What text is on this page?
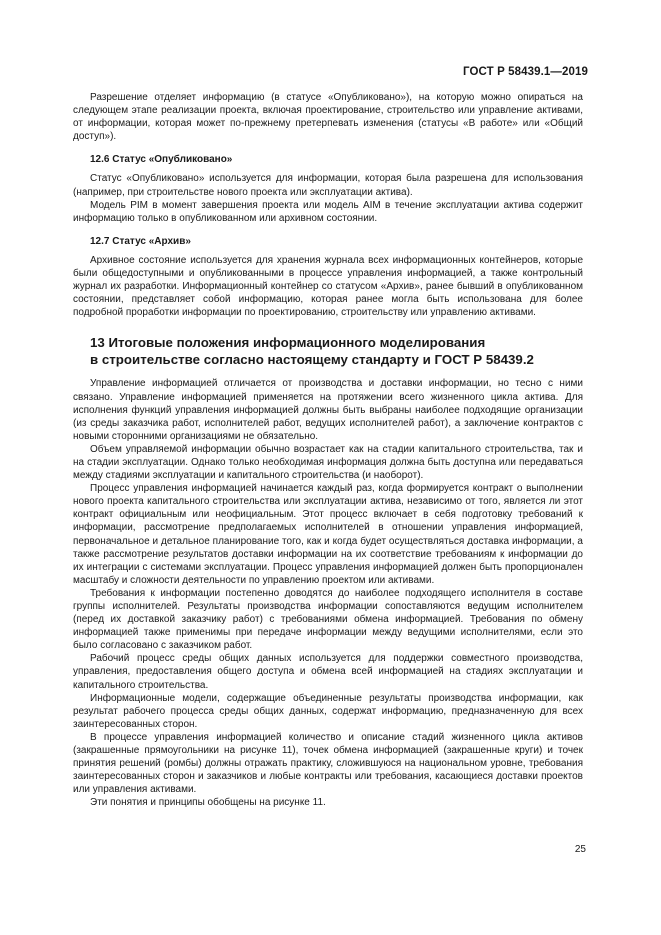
ГОСТ Р 58439.1—2019

Разрешение отделяет информацию (в статусе «Опубликовано»), на которую можно опираться на следующем этапе реализации проекта, включая проектирование, строительство или управление активами, от информации, которая может по-прежнему претерпевать изменения (статусы «В работе» или «Общий доступ»).

12.6 Статус «Опубликовано»

Статус «Опубликовано» используется для информации, которая была разрешена для использования (например, при строительстве нового проекта или эксплуатации актива).

Модель PIM в момент завершения проекта или модель AIM в течение эксплуатации актива содержит информацию только в опубликованном или архивном состоянии.

12.7 Статус «Архив»

Архивное состояние используется для хранения журнала всех информационных контейнеров, которые были общедоступными и опубликованными в процессе управления информацией, а также контрольный журнал их разработки. Информационный контейнер со статусом «Архив», ранее бывший в опубликованном состоянии, представляет собой информацию, которая ранее могла быть использована для более подробной проработки информации по проектированию, строительству или управлению активами.

13 Итоговые положения информационного моделирования
в строительстве согласно настоящему стандарту и ГОСТ Р 58439.2

Управление информацией отличается от производства и доставки информации, но тесно с ними связано. Управление информацией применяется на протяжении всего жизненного цикла актива. Для исполнения функций управления информацией должны быть выбраны наиболее подходящие организации (из среды заказчика работ, исполнителей работ, ведущих исполнителей работ), а заключение контрактов с новыми сторонними организациями не обязательно.

Объем управляемой информации обычно возрастает как на стадии капитального строительства, так и на стадии эксплуатации. Однако только необходимая информация должна быть доступна или передаваться между стадиями эксплуатации и капитального строительства (и наоборот).

Процесс управления информацией начинается каждый раз, когда формируется контракт о выполнении нового проекта капитального строительства или эксплуатации актива, независимо от того, является ли этот контракт официальным или неофициальным. Этот процесс включает в себя подготовку требований к информации, рассмотрение предполагаемых исполнителей в отношении управления информацией, первоначальное и детальное планирование того, как и когда будет осуществляться доставка информации, а также рассмотрение результатов доставки информации на их соответствие требованиям к информации до их интеграции с системами эксплуатации. Процесс управления информацией должен быть пропорционален масштабу и сложности деятельности по управлению проектом или активами.

Требования к информации постепенно доводятся до наиболее подходящего исполнителя в составе группы исполнителей. Результаты производства информации сопоставляются ведущим исполнителем (перед их доставкой заказчику работ) с требованиями обмена информацией. Требования по обмену информацией также применимы при передаче информации между ведущими исполнителями, если это было согласовано с заказчиком работ.

Рабочий процесс среды общих данных используется для поддержки совместного производства, управления, предоставления общего доступа и обмена всей информацией на стадиях эксплуатации и капитального строительства.

Информационные модели, содержащие объединенные результаты производства информации, как результат рабочего процесса среды общих данных, содержат информацию, предназначенную для всех заинтересованных сторон.

В процессе управления информацией количество и описание стадий жизненного цикла активов (закрашенные прямоугольники на рисунке 11), точек обмена информацией (закрашенные круги) и точек принятия решений (ромбы) должны отражать практику, сложившуюся на национальном уровне, требования заинтересованных сторон и заказчиков и любые контракты или требования, касающиеся доставки проектов или управления активами.

Эти понятия и принципы обобщены на рисунке 11.

25
